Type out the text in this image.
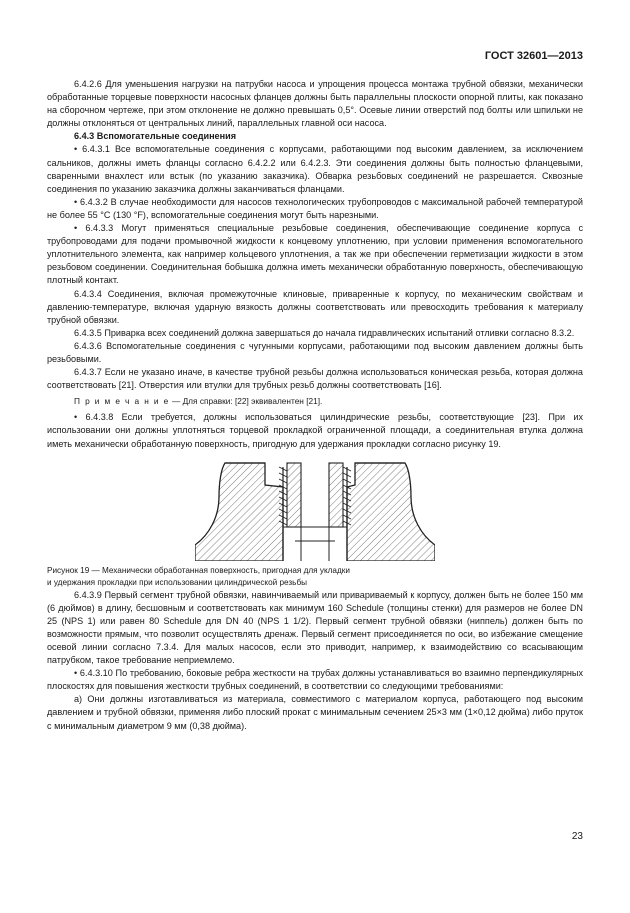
ГОСТ 32601—2013

6.4.2.6 Для уменьшения нагрузки на патрубки насоса и упрощения процесса монтажа трубной обвязки, механически обработанные торцевые поверхности насосных фланцев должны быть параллельны плоскости опорной плиты, как показано на сборочном чертеже, при этом отклонение не должно превышать 0,5°. Осевые линии отверстий под болты или шпильки не должны отклоняться от центральных линий, параллельных главной оси насоса.

6.4.3 Вспомогательные соединения

• 6.4.3.1 Все вспомогательные соединения с корпусами, работающими под высоким давлением, за исключением сальников, должны иметь фланцы согласно 6.4.2.2 или 6.4.2.3. Эти соединения должны быть полностью фланцевыми, сваренными внахлест или встык (по указанию заказчика). Обварка резьбовых соединений не разрешается. Сквозные соединения по указанию заказчика должны заканчиваться фланцами.

• 6.4.3.2 В случае необходимости для насосов технологических трубопроводов с максимальной рабочей температурой не более 55 °С (130 °F), вспомогательные соединения могут быть нарезными.

• 6.4.3.3 Могут применяться специальные резьбовые соединения, обеспечивающие соединение корпуса с трубопроводами для подачи промывочной жидкости к концевому уплотнению, при условии применения вспомогательного уплотнительного элемента, как например кольцевого уплотнения, а так же при обеспечении герметизации жидкости в этом резьбовом соединении. Соединительная бобышка должна иметь механически обработанную поверхность, обеспечивающую плотный контакт.

6.4.3.4 Соединения, включая промежуточные клиновые, приваренные к корпусу, по механическим свойствам и давлению-температуре, включая ударную вязкость должны соответствовать или превосходить требования к материалу трубной обвязки.

6.4.3.5 Приварка всех соединений должна завершаться до начала гидравлических испытаний отливки согласно 8.3.2.

6.4.3.6 Вспомогательные соединения с чугунными корпусами, работающими под высоким давлением должны быть резьбовыми.

6.4.3.7 Если не указано иначе, в качестве трубной резьбы должна использоваться коническая резьба, которая должна соответствовать [21]. Отверстия или втулки для трубных резьб должны соответствовать [16].

П р и м е ч а н и е — Для справки: [22] эквивалентен [21].

• 6.4.3.8 Если требуется, должны использоваться цилиндрические резьбы, соответствующие [23]. При их использовании они должны уплотняться торцевой прокладкой ограниченной площади, а соединительная втулка должна иметь механически обработанную поверхность, пригодную для удержания прокладки согласно рисунку 19.

Рисунок 19 — Механически обработанная поверхность, пригодная для укладки
и удержания прокладки при использовании цилиндрической резьбы

6.4.3.9 Первый сегмент трубной обвязки, навинчиваемый или привариваемый к корпусу, должен быть не более 150 мм (6 дюймов) в длину, бесшовным и соответствовать как минимум 160 Schedule (толщины стенки) для размеров не более DN 25 (NPS 1) или равен 80 Schedule для DN 40 (NPS 1 1/2). Первый сегмент трубной обвязки (ниппель) должен быть по возможности прямым, что позволит осуществлять дренаж. Первый сегмент присоединяется по оси, во избежание смещение осевой линии согласно 7.3.4. Для малых насосов, если это приводит, например, к взаимодействию со всасывающим патрубком, такое требование неприемлемо.

• 6.4.3.10 По требованию, боковые ребра жесткости на трубах должны устанавливаться во взаимно перпендикулярных плоскостях для повышения жесткости трубных соединений, в соответствии со следующими требованиями:

а) Они должны изготавливаться из материала, совместимого с материалом корпуса, работающего под высоким давлением и трубной обвязки, применяя либо плоский прокат с минимальным сечением 25×3 мм (1×0,12 дюйма) либо пруток с минимальным диаметром 9 мм (0,38 дюйма).

23
